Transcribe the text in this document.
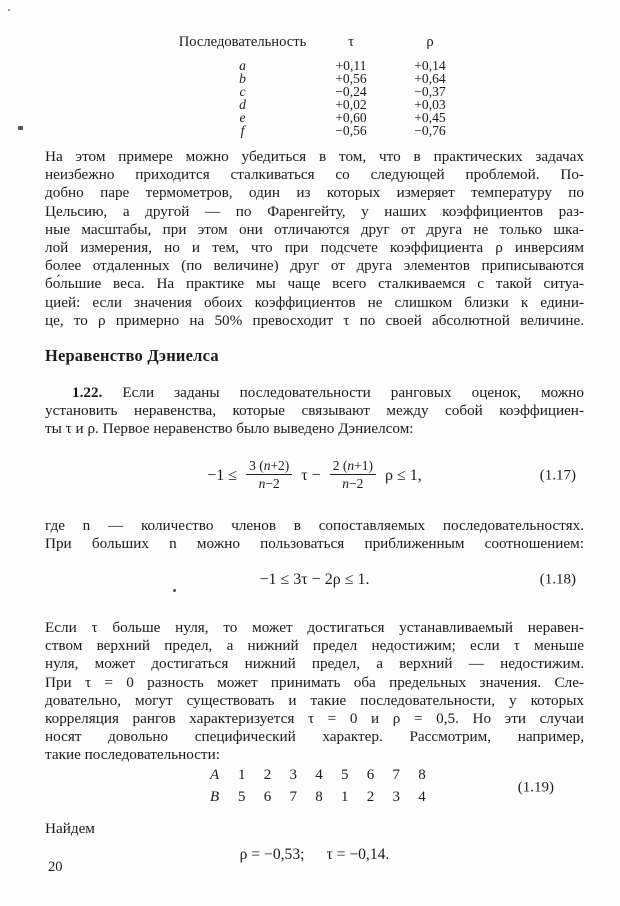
Последовательность	τ	ρ
a	+0,11	+0,14
b	+0,56	+0,64
c	−0,24	−0,37
d	+0,02	+0,03
e	+0,60	+0,45
f	−0,56	−0,76
На этом примере можно убедиться в том, что в практических задачах
неизбежно приходится сталкиваться со следующей проблемой. По-
добно паре термометров, один из которых измеряет температуру по
Цельсию, а другой — по Фаренгейту, у наших коэффициентов раз-
ные масштабы, при этом они отличаются друг от друга не только шка-
лой измерения, но и тем, что при подсчете коэффициента ρ инверсиям
более отдаленных (по величине) друг от друга элементов приписываются
бо́льшие веса. На практике мы чаще всего сталкиваемся с такой ситуа-
цией: если значения обоих коэффициентов не слишком близки к едини-
це, то ρ примерно на 50% превосходит τ по своей абсолютной величине.
Неравенство Дэниелса
1.22. Если заданы последовательности ранговых оценок, можно
установить неравенства, которые связывают между собой коэффициен-
ты τ и ρ. Первое неравенство было выведено Дэниелсом:
$-1 \le \frac{3 (n+2)}{n-2}$ $\tau - \frac{2 (n+1)}{n-2}$ ρ ≤ 1,	(1.17)
где n — количество членов в сопоставляемых последовательностях.
При больших n можно пользоваться приближенным соотношением:
−1 ≤ 3τ − 2ρ ≤ 1.	(1.18)
Если τ больше нуля, то может достигаться устанавливаемый неравен-
ством верхний предел, а нижний предел недостижим; если τ меньше
нуля, может достигаться нижний предел, а верхний — недостижим.
При τ = 0 разность может принимать оба предельных значения. Сле-
довательно, могут существовать и такие последовательности, у которых
корреляция рангов характеризуется τ = 0 и ρ = 0,5. Но эти случаи
носят довольно специфический характер. Рассмотрим, например,
такие последовательности:
A 1 2 3 4 5 6 7 8
B 5 6 7 8 1 2 3 4
(1.19)
Найдем
ρ = −0,53; τ = −0,14.
20
